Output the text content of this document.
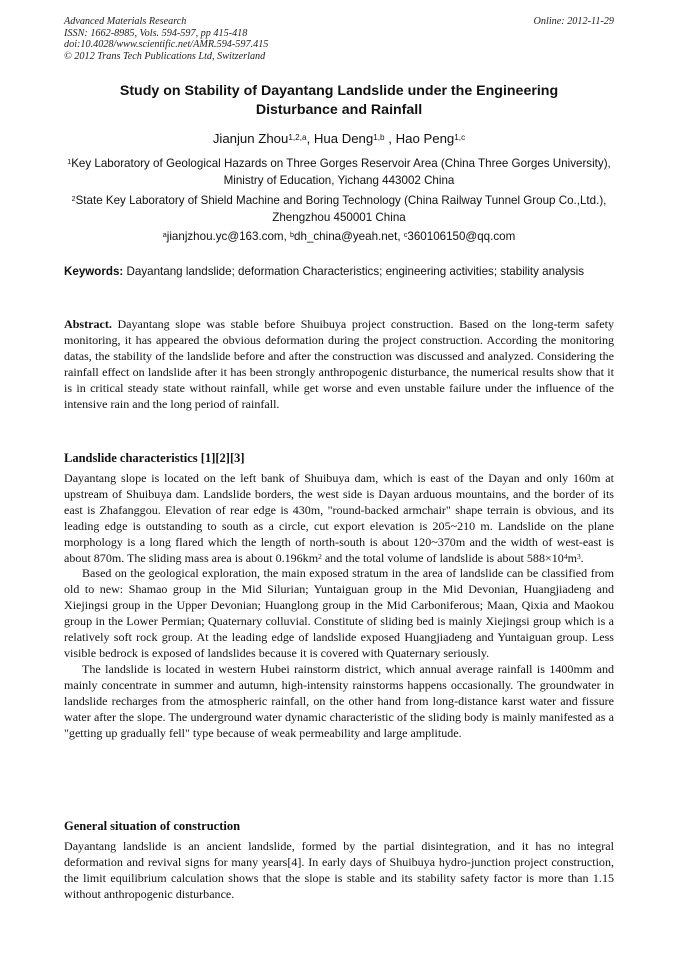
Advanced Materials Research
ISSN: 1662-8985, Vols. 594-597, pp 415-418
doi:10.4028/www.scientific.net/AMR.594-597.415
© 2012 Trans Tech Publications Ltd, Switzerland
Online: 2012-11-29
Study on Stability of Dayantang Landslide under the Engineering
Disturbance and Rainfall
Jianjun Zhou$^{1,2,a}$, Hua Deng$^{1,b}$ , Hao Peng$^{1,c}$
$^1$Key Laboratory of Geological Hazards on Three Gorges Reservoir Area (China Three Gorges University), Ministry of Education, Yichang 443002 China
$^2$State Key Laboratory of Shield Machine and Boring Technology (China Railway Tunnel Group Co.,Ltd.), Zhengzhou 450001 China
$^a$jianjzhou.yc@163.com, $^b$dh_china@yeah.net, $^c$360106150@qq.com
Keywords: Dayantang landslide; deformation Characteristics; engineering activities; stability analysis

Abstract. Dayantang slope was stable before Shuibuya project construction. Based on the long-term safety monitoring, it has appeared the obvious deformation during the project construction. According the monitoring datas, the stability of the landslide before and after the construction was discussed and analyzed. Considering the rainfall effect on landslide after it has been strongly anthropogenic disturbance, the numerical results show that it is in critical steady state without rainfall, while get worse and even unstable failure under the influence of the intensive rain and the long period of rainfall.

Landslide characteristics [1][2][3]

Dayantang slope is located on the left bank of Shuibuya dam, which is east of the Dayan and only 160m at upstream of Shuibuya dam. Landslide borders, the west side is Dayan arduous mountains, and the border of its east is Zhafanggou. Elevation of rear edge is 430m, "round-backed armchair" shape terrain is obvious, and its leading edge is outstanding to south as a circle, cut export elevation is 205~210 m. Landslide on the plane morphology is a long flared which the length of north-south is about 120~370m and the width of west-east is about 870m. The sliding mass area is about $0.196km^2$ and the total volume of landslide is about $588\times 10^4m^3$.

Based on the geological exploration, the main exposed stratum in the area of landslide can be classified from old to new: Shamao group in the Mid Silurian; Yuntaiguan group in the Mid Devonian, Huangjiadeng and Xiejingsi group in the Upper Devonian; Huanglong group in the Mid Carboniferous; Maan, Qixia and Maokou group in the Lower Permian; Quaternary colluvial. Constitute of sliding bed is mainly Xiejingsi group which is a relatively soft rock group. At the leading edge of landslide exposed Huangjiadeng and Yuntaiguan group. Less visible bedrock is exposed of landslides because it is covered with Quaternary seriously.

The landslide is located in western Hubei rainstorm district, which annual average rainfall is 1400mm and mainly concentrate in summer and autumn, high-intensity rainstorms happens occasionally. The groundwater in landslide recharges from the atmospheric rainfall, on the other hand from long-distance karst water and fissure water after the slope. The underground water dynamic characteristic of the sliding body is mainly manifested as a "getting up gradually fell" type because of weak permeability and large amplitude.

General situation of construction

Dayantang landslide is an ancient landslide, formed by the partial disintegration, and it has no integral deformation and revival signs for many years[4]. In early days of Shuibuya hydro-junction project construction, the limit equilibrium calculation shows that the slope is stable and its stability safety factor is more than 1.15 without anthropogenic disturbance.
